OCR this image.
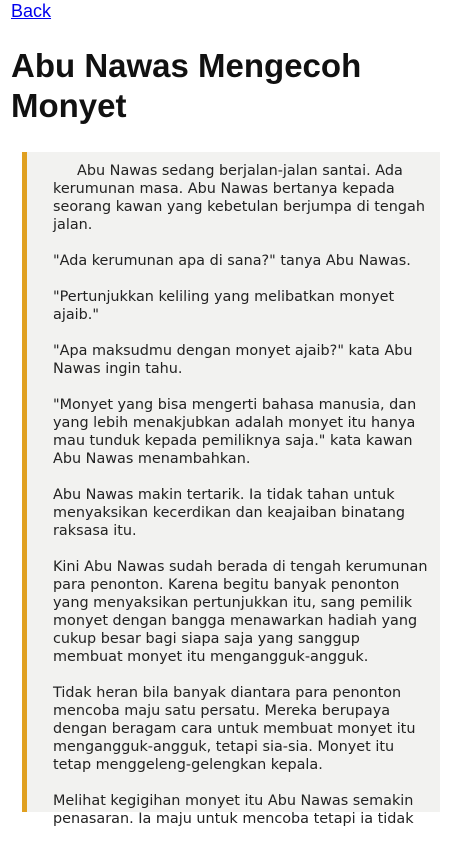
Back
Abu Nawas Mengecoh Monyet

Abu Nawas sedang berjalan-jalan santai. Ada kerumunan masa. Abu Nawas bertanya kepada seorang kawan yang kebetulan berjumpa di tengah jalan.

"Ada kerumunan apa di sana?" tanya Abu Nawas.

"Pertunjukkan keliling yang melibatkan monyet ajaib."

"Apa maksudmu dengan monyet ajaib?" kata Abu Nawas ingin tahu.

"Monyet yang bisa mengerti bahasa manusia, dan yang lebih menakjubkan adalah monyet itu hanya mau tunduk kepada pemiliknya saja." kata kawan Abu Nawas menambahkan.

Abu Nawas makin tertarik. Ia tidak tahan untuk menyaksikan kecerdikan dan keajaiban binatang raksasa itu.

Kini Abu Nawas sudah berada di tengah kerumunan para penonton. Karena begitu banyak penonton yang menyaksikan pertunjukkan itu, sang pemilik monyet dengan bangga menawarkan hadiah yang cukup besar bagi siapa saja yang sanggup membuat monyet itu mengangguk-angguk.

Tidak heran bila banyak diantara para penonton mencoba maju satu persatu. Mereka berupaya dengan beragam cara untuk membuat monyet itu mengangguk-angguk, tetapi sia-sia. Monyet itu tetap menggeleng-gelengkan kepala.

Melihat kegigihan monyet itu Abu Nawas semakin penasaran. Ia maju untuk mencoba tetapi ia tidak
